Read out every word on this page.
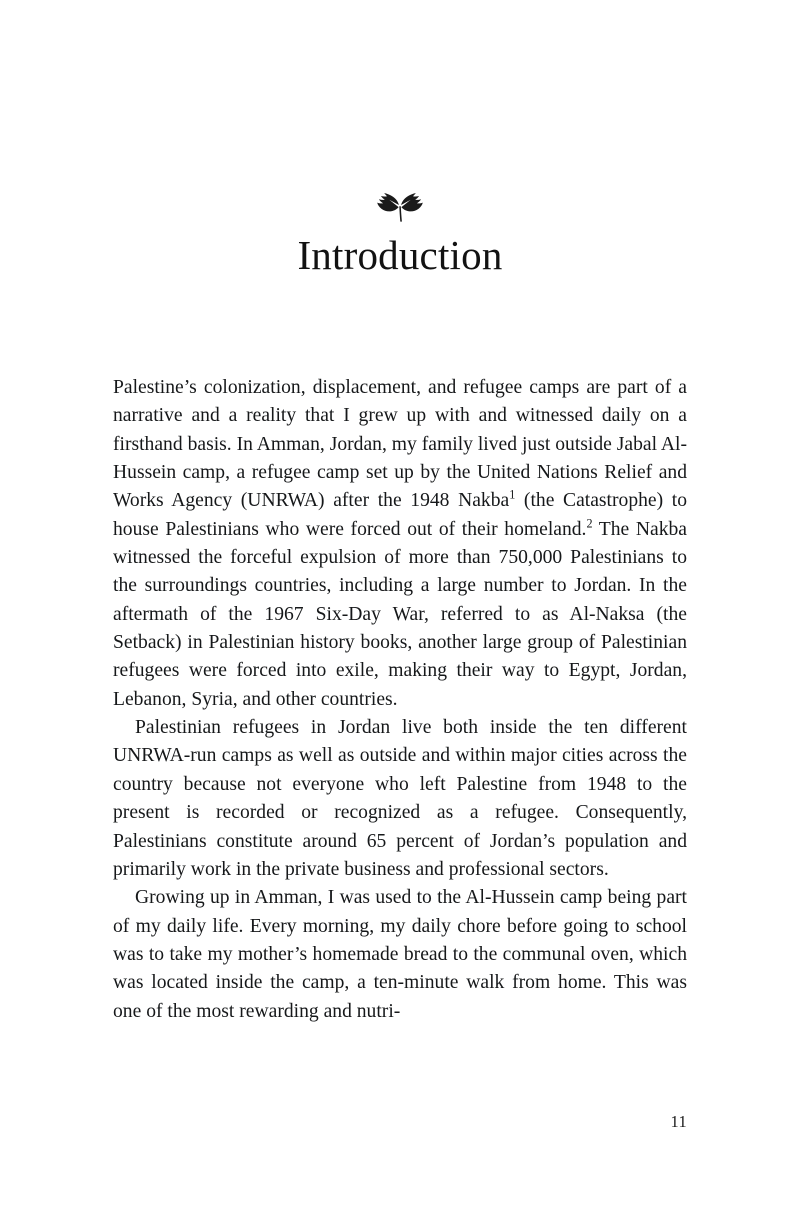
Introduction

Palestine’s colonization, displacement, and refugee camps are part of a narrative and a reality that I grew up with and witnessed daily on a firsthand basis. In Amman, Jordan, my family lived just outside Jabal Al-Hussein camp, a refugee camp set up by the United Nations Relief and Works Agency (UNRWA) after the 1948 Nakba$^1$ (the Catastrophe) to house Palestinians who were forced out of their homeland.$^2$ The Nakba witnessed the forceful expulsion of more than 750,000 Palestinians to the surroundings countries, including a large number to Jordan. In the aftermath of the 1967 Six-Day War, referred to as Al-Naksa (the Setback) in Palestinian history books, another large group of Palestinian refugees were forced into exile, making their way to Egypt, Jordan, Lebanon, Syria, and other countries.

Palestinian refugees in Jordan live both inside the ten different UNRWA-run camps as well as outside and within major cities across the country because not everyone who left Palestine from 1948 to the present is recorded or recognized as a refugee. Consequently, Palestinians constitute around 65 percent of Jordan’s population and primarily work in the private business and professional sectors.

Growing up in Amman, I was used to the Al-Hussein camp being part of my daily life. Every morning, my daily chore before going to school was to take my mother’s homemade bread to the communal oven, which was located inside the camp, a ten-minute walk from home. This was one of the most rewarding and nutri-

11
